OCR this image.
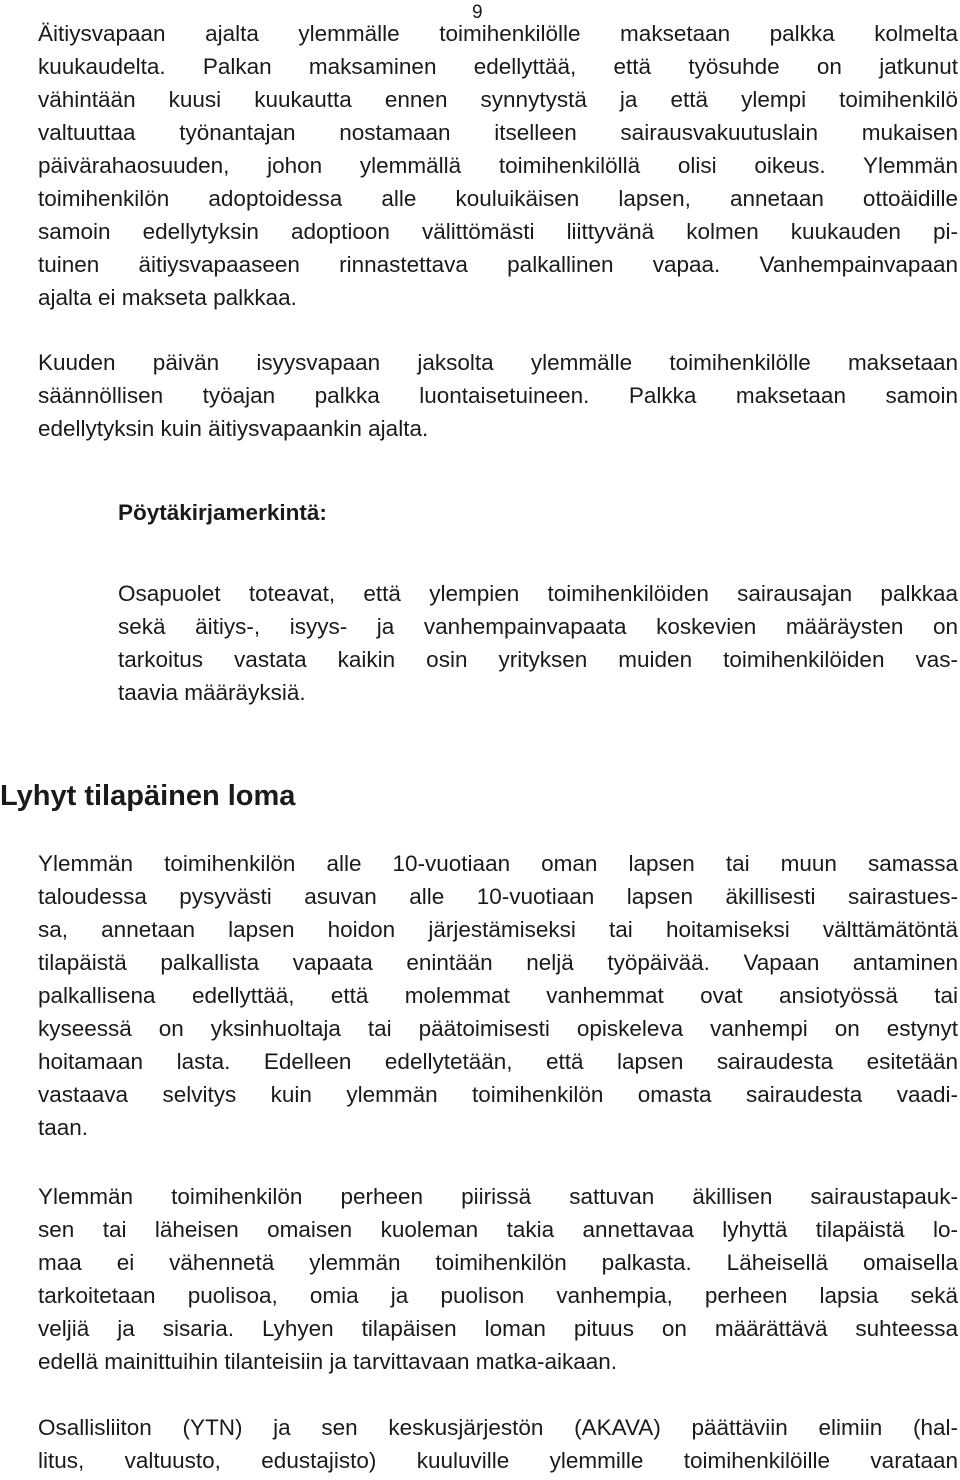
9
Äitiysvapaan ajalta ylemmälle toimihenkilölle maksetaan palkka kolmelta
kuukaudelta. Palkan maksaminen edellyttää, että työsuhde on jatkunut
vähintään kuusi kuukautta ennen synnytystä ja että ylempi toimihenkilö
valtuuttaa työnantajan nostamaan itselleen sairausvakuutuslain mukaisen
päivärahaosuuden, johon ylemmällä toimihenkilöllä olisi oikeus. Ylemmän
toimihenkilön adoptoidessa alle kouluikäisen lapsen, annetaan ottoäidille
samoin edellytyksin adoptioon välittömästi liittyvänä kolmen kuukauden pi-
tuinen äitiysvapaaseen rinnastettava palkallinen vapaa. Vanhempainvapaan
ajalta ei makseta palkkaa.
Kuuden päivän isyysvapaan jaksolta ylemmälle toimihenkilölle maksetaan
säännöllisen työajan palkka luontaisetuineen. Palkka maksetaan samoin
edellytyksin kuin äitiysvapaankin ajalta.
Pöytäkirjamerkintä:
Osapuolet toteavat, että ylempien toimihenkilöiden sairausajan palkkaa
sekä äitiys-, isyys- ja vanhempainvapaata koskevien määräysten on
tarkoitus vastata kaikin osin yrityksen muiden toimihenkilöiden vas-
taavia määräyksiä.
Lyhyt tilapäinen loma
Ylemmän toimihenkilön alle 10-vuotiaan oman lapsen tai muun samassa
taloudessa pysyvästi asuvan alle 10-vuotiaan lapsen äkillisesti sairastues-
sa, annetaan lapsen hoidon järjestämiseksi tai hoitamiseksi välttämätöntä
tilapäistä palkallista vapaata enintään neljä työpäivää. Vapaan antaminen
palkallisena edellyttää, että molemmat vanhemmat ovat ansiotyössä tai
kyseessä on yksinhuoltaja tai päätoimisesti opiskeleva vanhempi on estynyt
hoitamaan lasta. Edelleen edellytetään, että lapsen sairaudesta esitetään
vastaava selvitys kuin ylemmän toimihenkilön omasta sairaudesta vaadi-
taan.
Ylemmän toimihenkilön perheen piirissä sattuvan äkillisen sairaustapauk-
sen tai läheisen omaisen kuoleman takia annettavaa lyhyttä tilapäistä lo-
maa ei vähennetä ylemmän toimihenkilön palkasta. Läheisellä omaisella
tarkoitetaan puolisoa, omia ja puolison vanhempia, perheen lapsia sekä
veljiä ja sisaria. Lyhyen tilapäisen loman pituus on määrättävä suhteessa
edellä mainittuihin tilanteisiin ja tarvittavaan matka-aikaan.
Osallisliiton (YTN) ja sen keskusjärjestön (AKAVA) päättäviin elimiin (hal-
litus, valtuusto, edustajisto) kuuluville ylemmille toimihenkilöille varataan
